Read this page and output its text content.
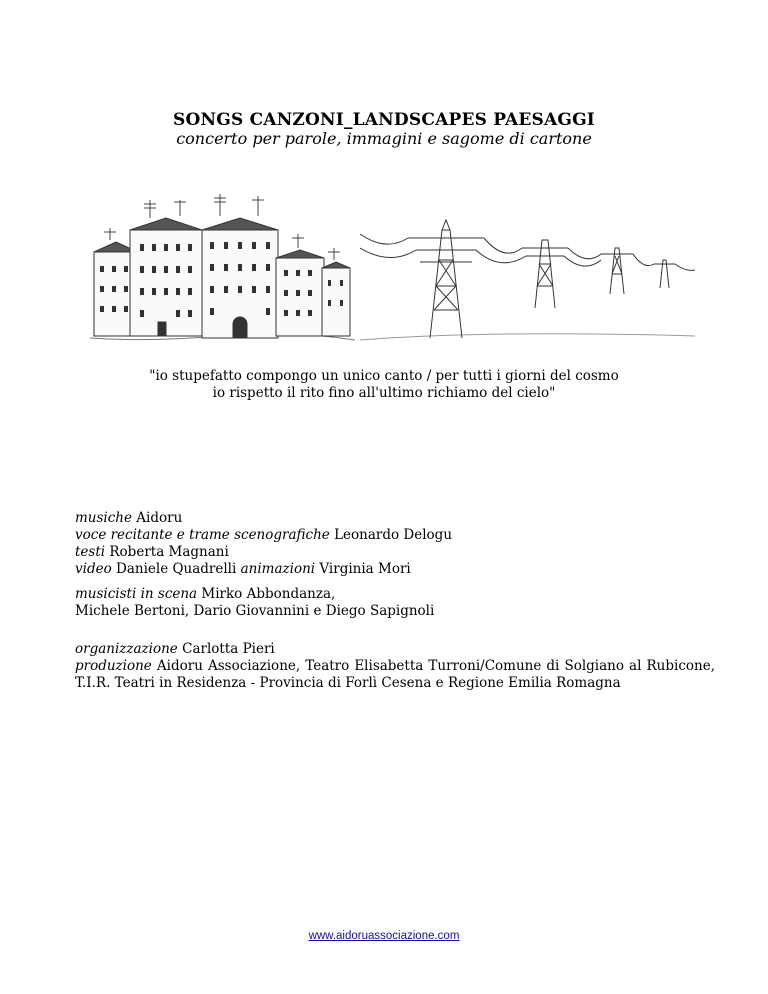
SONGS CANZONI_LANDSCAPES PAESAGGI
concerto per parole, immagini e sagome di cartone
"io stupefatto compongo un unico canto / per tutti i giorni del cosmo
io rispetto il rito fino all'ultimo richiamo del cielo"

musiche Aidoru

voce recitante e trame scenografiche Leonardo Delogu

testi Roberta Magnani

video Daniele Quadrelli animazioni Virginia Mori

musicisti in scena Mirko Abbondanza,

Michele Bertoni, Dario Giovannini e Diego Sapignoli

organizzazione Carlotta Pieri

produzione Aidoru Associazione, Teatro Elisabetta Turroni/Comune di Solgiano al Rubicone, T.I.R. Teatri in Residenza - Provincia di Forlì Cesena e Regione Emilia Romagna

www.aidoruassociazione.com
